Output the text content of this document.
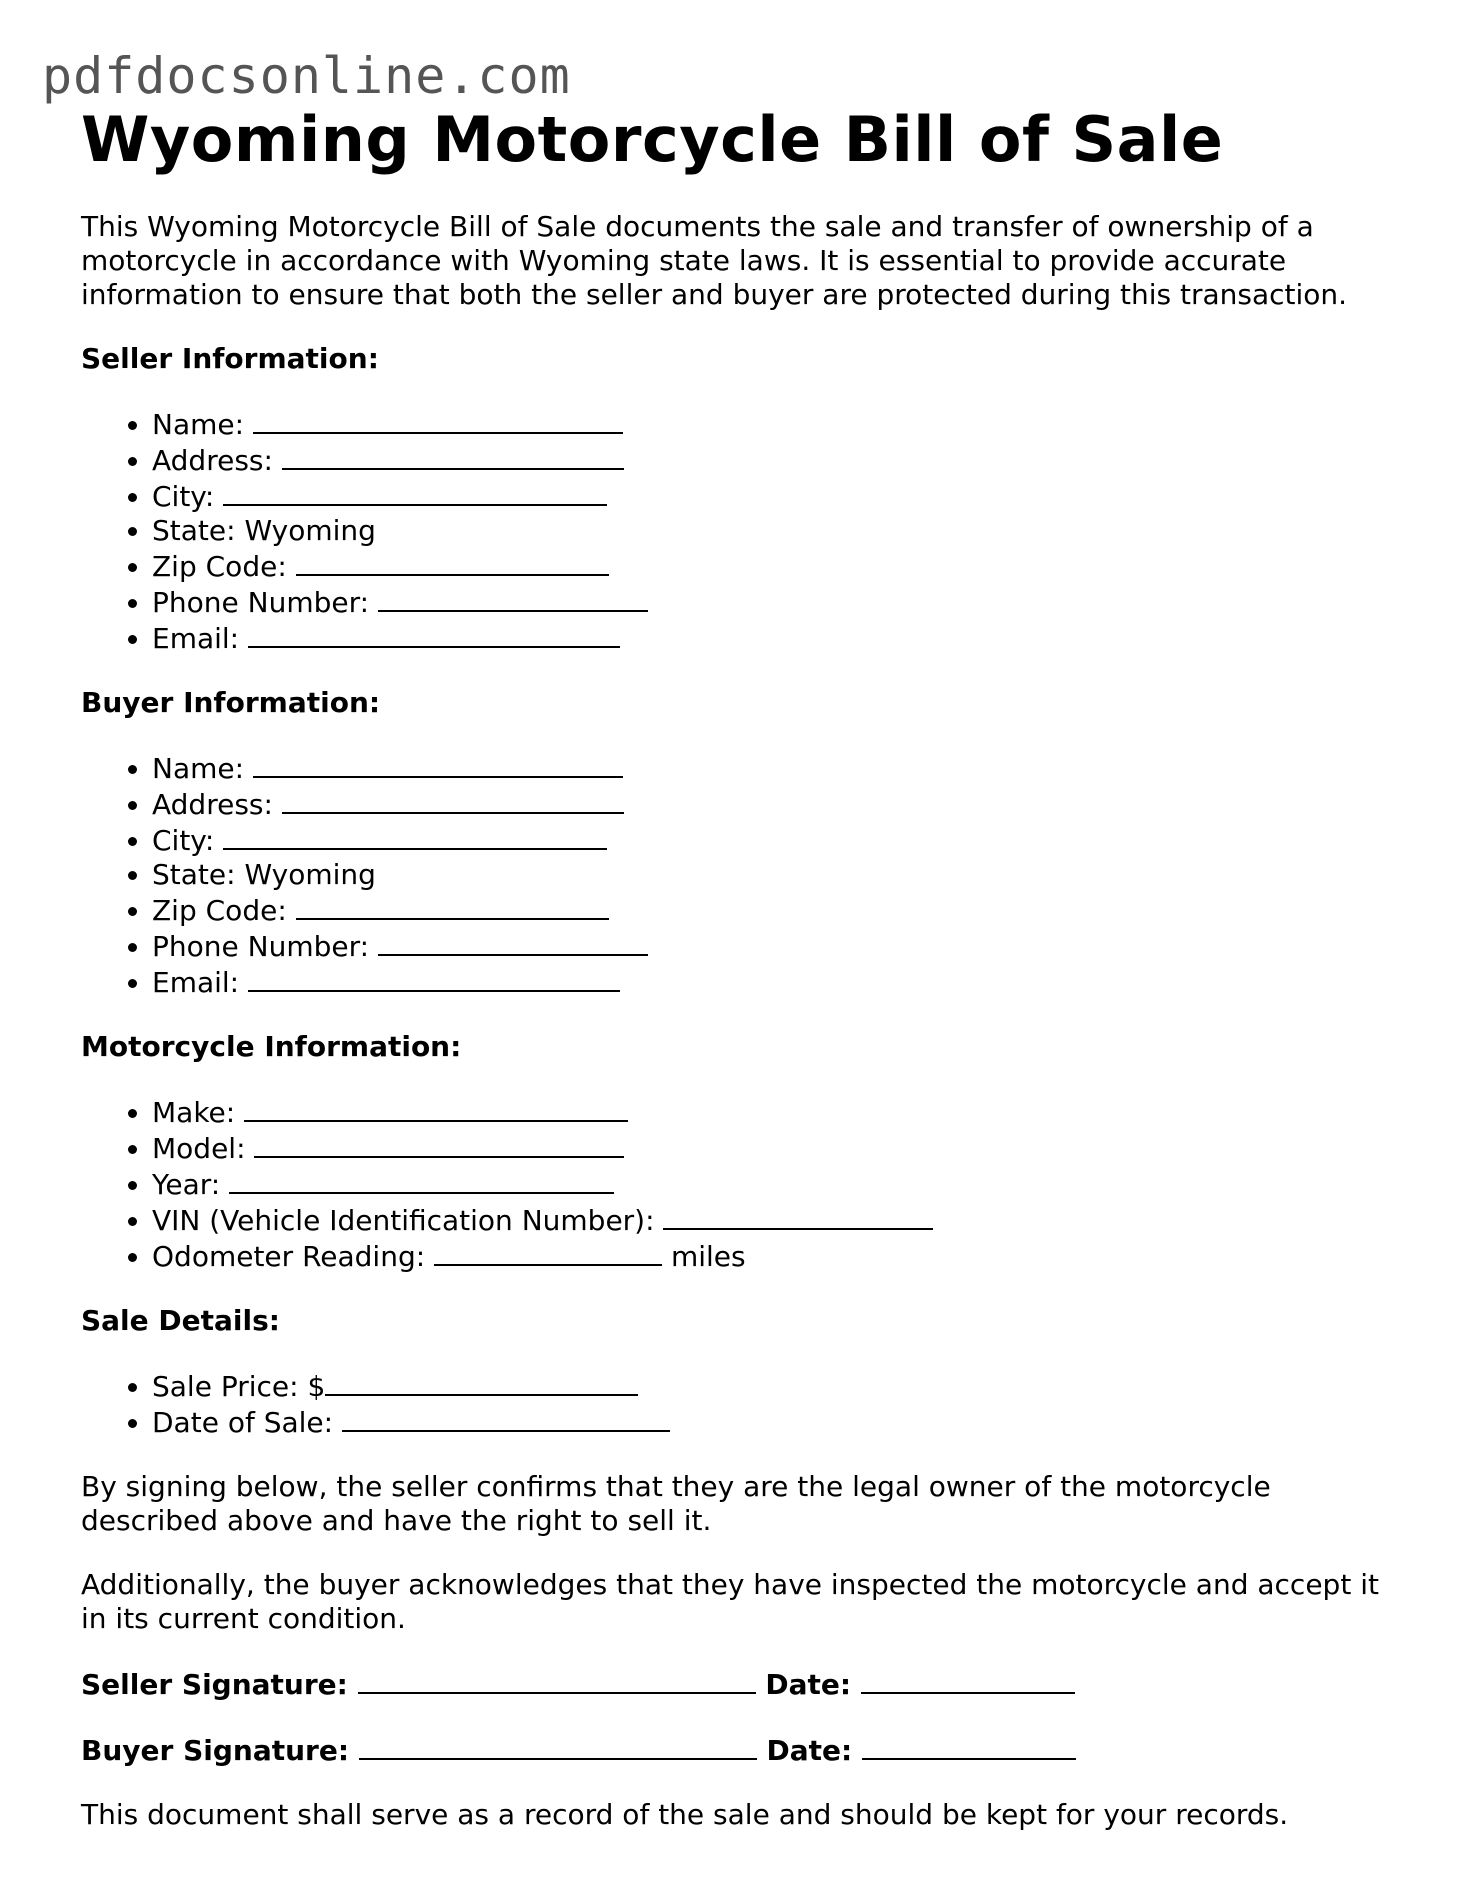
pdfdocsonline.com
Wyoming Motorcycle Bill of Sale

This Wyoming Motorcycle Bill of Sale documents the sale and transfer of ownership of a motorcycle in accordance with Wyoming state laws. It is essential to provide accurate information to ensure that both the seller and buyer are protected during this transaction.

Seller Information:
• Name:
• Address:
• City:
• State: Wyoming
• Zip Code:
• Phone Number:
• Email:
Buyer Information:
• Name:
• Address:
• City:
• State: Wyoming
• Zip Code:
• Phone Number:
• Email:
Motorcycle Information:
• Make:
• Model:
• Year:
• VIN (Vehicle Identification Number):
• Odometer Reading:	miles
Sale Details:
• Sale Price: $
• Date of Sale:

By signing below, the seller confirms that they are the legal owner of the motorcycle described above and have the right to sell it.

Additionally, the buyer acknowledges that they have inspected the motorcycle and accept it in its current condition.

Seller Signature:	Date:
Buyer Signature:	Date:

This document shall serve as a record of the sale and should be kept for your records.
